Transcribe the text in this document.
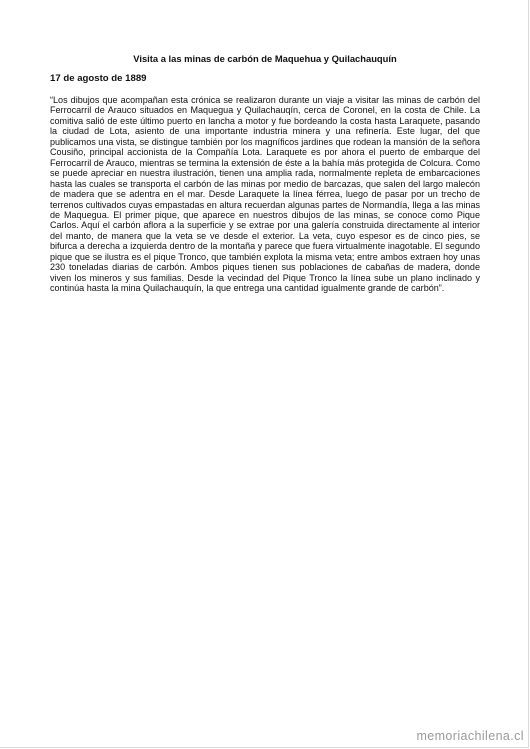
Visita a las minas de carbón de Maquehua y Quilachauquín

17 de agosto de 1889

“Los dibujos que acompañan esta crónica se realizaron durante un viaje a visitar las minas de carbón del Ferrocarril de Arauco situados en Maquegua y Quilachauqín, cerca de Coronel, en la costa de Chile. La comitiva salió de este último puerto en lancha a motor y fue bordeando la costa hasta Laraquete, pasando la ciudad de Lota, asiento de una importante industria minera y una refinería. Este lugar, del que publicamos una vista, se distingue también por los magníficos jardines que rodean la mansión de la señora Cousiño, principal accionista de la Compañía Lota. Laraquete es por ahora el puerto de embarque del Ferrocarril de Arauco, mientras se termina la extensión de éste a la bahía más protegida de Colcura. Como se puede apreciar en nuestra ilustración, tienen una amplia rada, normalmente repleta de embarcaciones hasta las cuales se transporta el carbón de las minas por medio de barcazas, que salen del largo malecón de madera que se adentra en el mar. Desde Laraquete la línea férrea, luego de pasar por un trecho de terrenos cultivados cuyas empastadas en altura recuerdan algunas partes de Normandía, llega a las minas de Maquegua. El primer pique, que aparece en nuestros dibujos de las minas, se conoce como Pique Carlos. Aquí el carbón aflora a la superficie y se extrae por una galería construida directamente al interior del manto, de manera que la veta se ve desde el exterior. La veta, cuyo espesor es de cinco pies, se bifurca a derecha a izquierda dentro de la montaña y parece que fuera virtualmente inagotable. El segundo pique que se ilustra es el pique Tronco, que también explota la misma veta; entre ambos extraen hoy unas 230 toneladas diarias de carbón. Ambos piques tienen sus poblaciones de cabañas de madera, donde viven los mineros y sus familias. Desde la vecindad del Pique Tronco la línea sube un plano inclinado y continúa hasta la mina Quilachauquín, la que entrega una cantidad igualmente grande de carbón”.

memoriachilena.cl
